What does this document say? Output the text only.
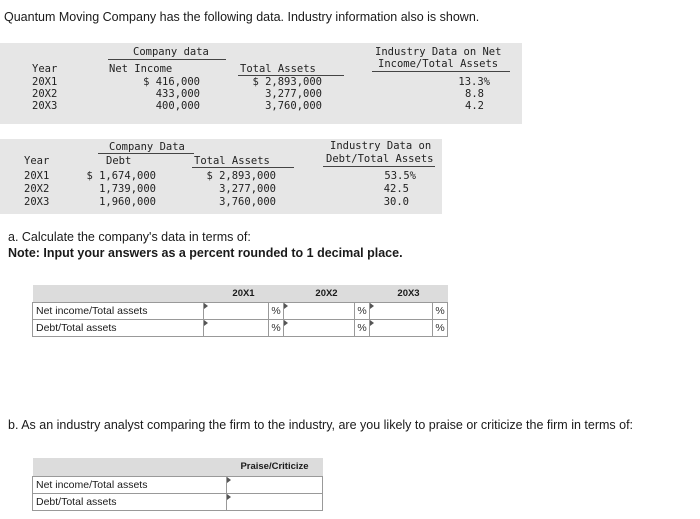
Quantum Moving Company has the following data. Industry information also is shown.
Company data	Industry Data on Net
Income/Total Assets
Year	Net Income	Total Assets
20X1	$ 416,000	$ 2,893,000	13.3%
20X2	433,000	3,277,000	8.8
20X3	400,000	3,760,000	4.2
Company Data	Industry Data on
Debt/Total Assets
Year	Debt	Total Assets
20X1	$ 1,674,000	$ 2,893,000	53.5%
20X2	1,739,000	3,277,000	42.5
20X3	1,960,000	3,760,000	30.0
a. Calculate the company's data in terms of:
Note: Input your answers as a percent rounded to 1 decimal place.
	20X1		20X2		20X3	
Net income/Total assets		%		%		%
Debt/Total assets		%		%		%
b. As an industry analyst comparing the firm to the industry, are you likely to praise or criticize the firm in terms of:
	Praise/Criticize
Net income/Total assets	

Debt/Total assets	
